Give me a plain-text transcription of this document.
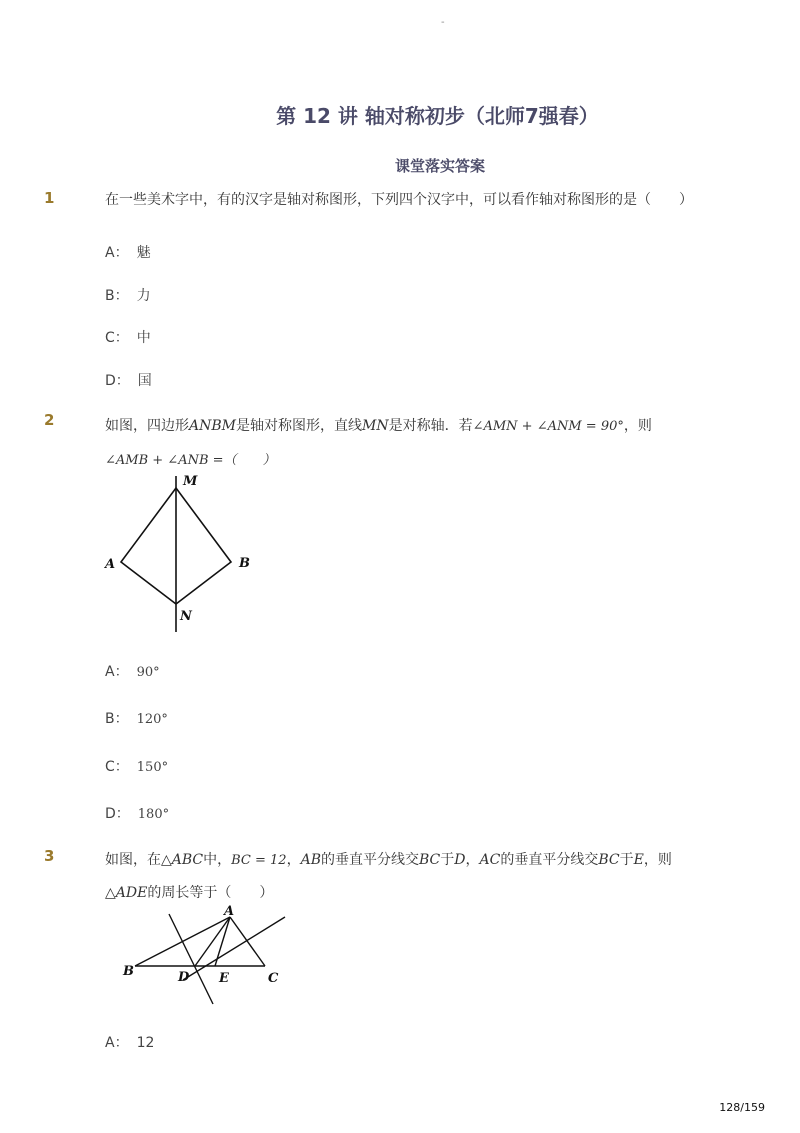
-
第 12 讲 轴对称初步（北师7强春）
课堂落实答案
1	在一些美术字中，有的汉字是轴对称图形，下列四个汉字中，可以看作轴对称图形的是（　　）
A： 魅
B： 力
C： 中
D： 国
2	如图，四边形ANBM是轴对称图形，直线MN是对称轴．若∠AMN + ∠ANM = 90°，则
∠AMB + ∠ANB =（　　）
M
A	B
N
A： 90°
B： 120°
C： 150°
D： 180°
3	如图，在△ABC中，BC = 12，AB的垂直平分线交BC于D，AC的垂直平分线交BC于E，则
△ADE的周长等于（　　）
A
B	C
D E
A： 12
128/159
